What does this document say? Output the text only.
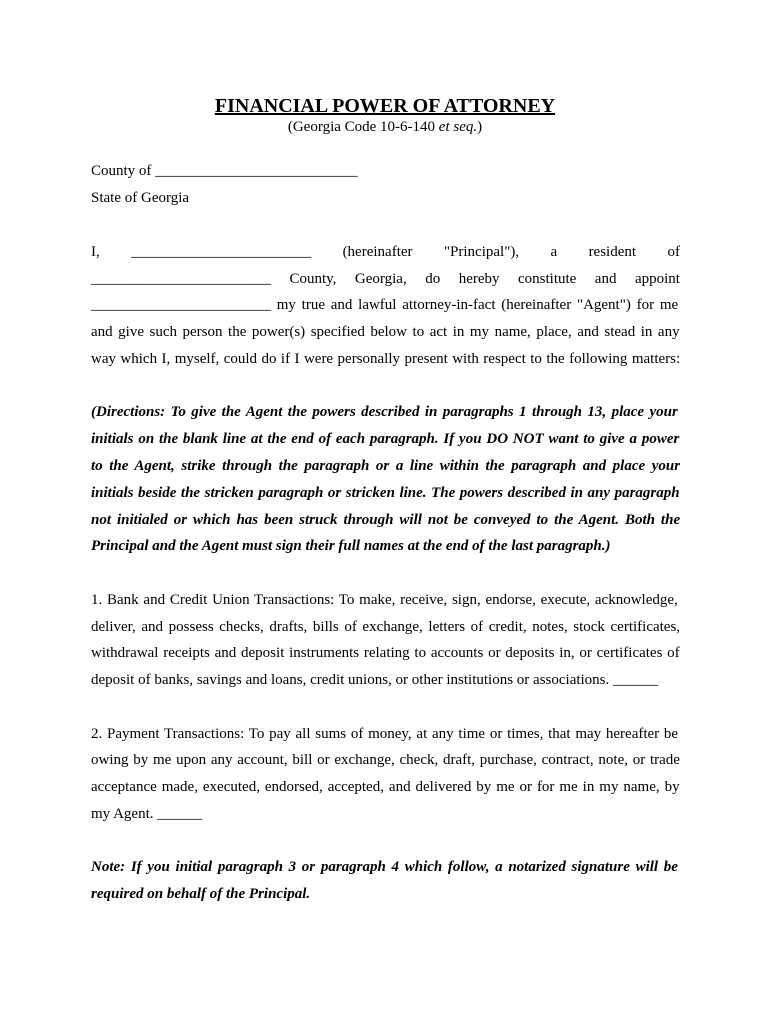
FINANCIAL POWER OF ATTORNEY
(Georgia Code 10-6-140 et seq.)
County of ___________________________
State of Georgia
I, ________________________ (hereinafter "Principal"), a resident of
________________________ County, Georgia, do hereby constitute and appoint
________________________ my true and lawful attorney-in-fact (hereinafter "Agent") for me
and give such person the power(s) specified below to act in my name, place, and stead in any
way which I, myself, could do if I were personally present with respect to the following matters:
(Directions: To give the Agent the powers described in paragraphs 1 through 13, place your
initials on the blank line at the end of each paragraph. If you DO NOT want to give a power
to the Agent, strike through the paragraph or a line within the paragraph and place your
initials beside the stricken paragraph or stricken line. The powers described in any paragraph
not initialed or which has been struck through will not be conveyed to the Agent. Both the
Principal and the Agent must sign their full names at the end of the last paragraph.)
1. Bank and Credit Union Transactions: To make, receive, sign, endorse, execute, acknowledge,
deliver, and possess checks, drafts, bills of exchange, letters of credit, notes, stock certificates,
withdrawal receipts and deposit instruments relating to accounts or deposits in, or certificates of
deposit of banks, savings and loans, credit unions, or other institutions or associations. ______
2. Payment Transactions: To pay all sums of money, at any time or times, that may hereafter be
owing by me upon any account, bill or exchange, check, draft, purchase, contract, note, or trade
acceptance made, executed, endorsed, accepted, and delivered by me or for me in my name, by
my Agent. ______
Note: If you initial paragraph 3 or paragraph 4 which follow, a notarized signature will be
required on behalf of the Principal.
